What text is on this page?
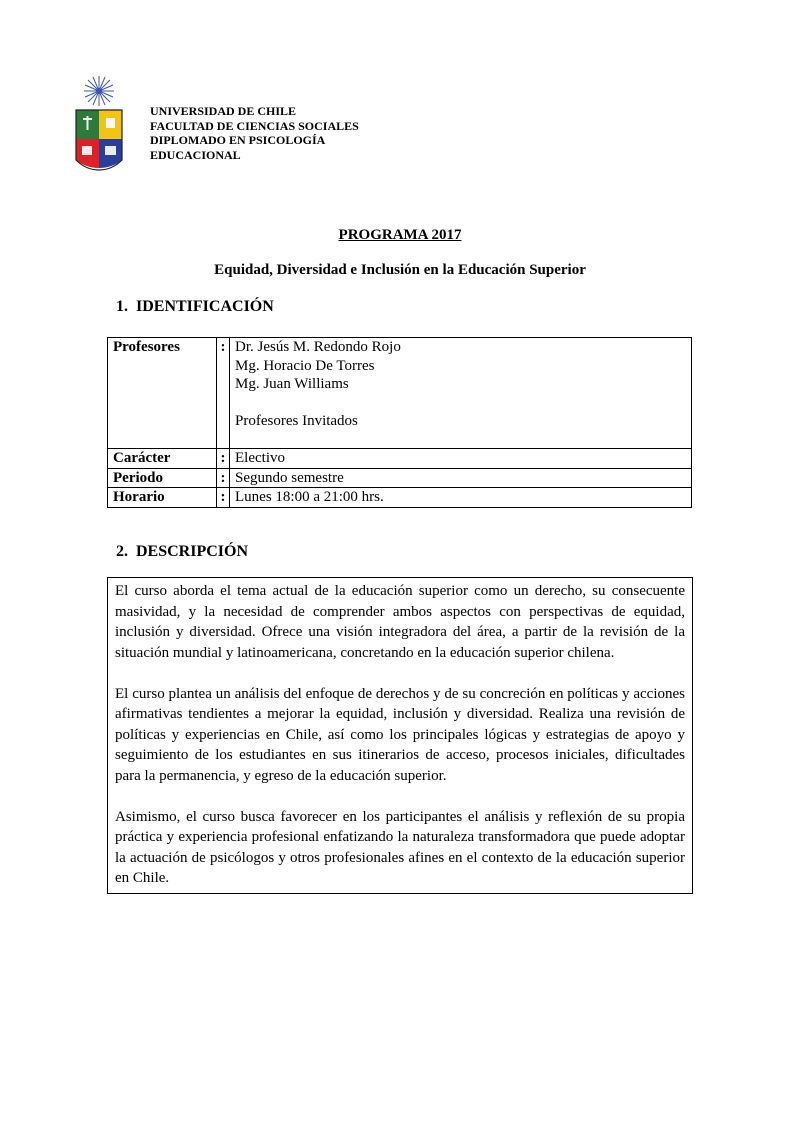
UNIVERSIDAD DE CHILE
FACULTAD DE CIENCIAS SOCIALES
DIPLOMADO EN PSICOLOGÍA
EDUCACIONAL
PROGRAMA 2017
Equidad, Diversidad e Inclusión en la Educación Superior
1. IDENTIFICACIÓN
Profesores	:	Dr. Jesús M. Redondo Rojo
Mg. Horacio De Torres
Mg. Juan Williams
Profesores Invitados

Carácter	:	Electivo
Periodo	:	Segundo semestre
Horario	:	Lunes 18:00 a 21:00 hrs.
2. DESCRIPCIÓN

El curso aborda el tema actual de la educación superior como un derecho, su consecuente masividad, y la necesidad de comprender ambos aspectos con perspectivas de equidad, inclusión y diversidad. Ofrece una visión integradora del área, a partir de la revisión de la situación mundial y latinoamericana, concretando en la educación superior chilena.

El curso plantea un análisis del enfoque de derechos y de su concreción en políticas y acciones afirmativas tendientes a mejorar la equidad, inclusión y diversidad. Realiza una revisión de políticas y experiencias en Chile, así como los principales lógicas y estrategias de apoyo y seguimiento de los estudiantes en sus itinerarios de acceso, procesos iniciales, dificultades para la permanencia, y egreso de la educación superior.

Asimismo, el curso busca favorecer en los participantes el análisis y reflexión de su propia práctica y experiencia profesional enfatizando la naturaleza transformadora que puede adoptar la actuación de psicólogos y otros profesionales afines en el contexto de la educación superior en Chile.
